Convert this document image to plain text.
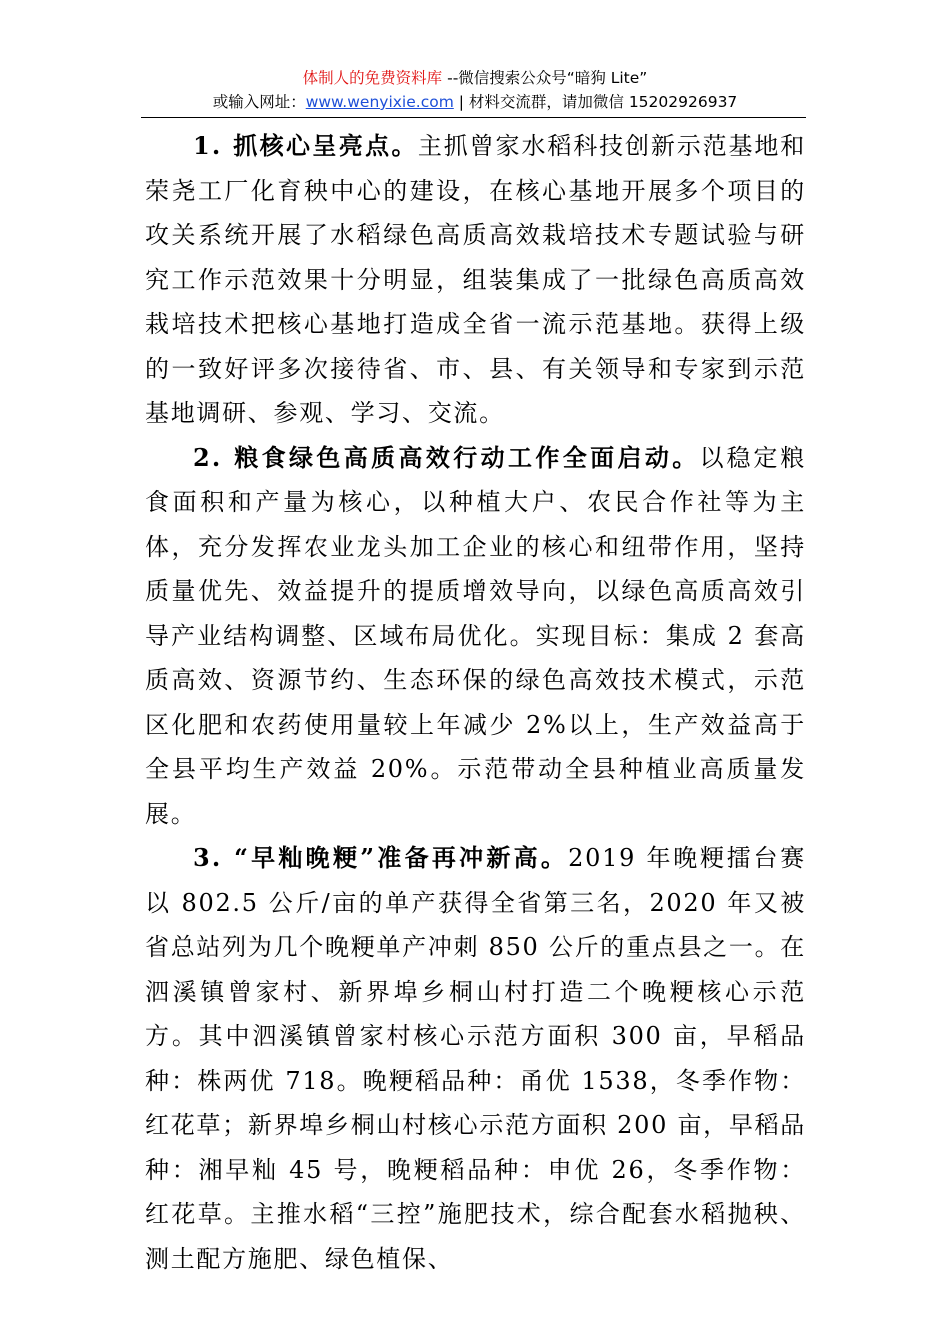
体制人的免费资料库 --微信搜索公众号“暗狗 Lite”
或输入网址：www.wenyixie.com | 材料交流群，请加微信 15202926937

1. 抓核心呈亮点。主抓曾家水稻科技创新示范基地和荣尧工厂化育秧中心的建设，在核心基地开展多个项目的攻关系统开展了水稻绿色高质高效栽培技术专题试验与研究工作示范效果十分明显，组装集成了一批绿色高质高效栽培技术把核心基地打造成全省一流示范基地。获得上级的一致好评多次接待省、市、县、有关领导和专家到示范基地调研、参观、学习、交流。

2. 粮食绿色高质高效行动工作全面启动。以稳定粮食面积和产量为核心，以种植大户、农民合作社等为主体，充分发挥农业龙头加工企业的核心和纽带作用，坚持质量优先、效益提升的提质增效导向，以绿色高质高效引导产业结构调整、区域布局优化。实现目标：集成 2 套高质高效、资源节约、生态环保的绿色高效技术模式，示范区化肥和农药使用量较上年减少 2%以上，生产效益高于全县平均生产效益 20%。示范带动全县种植业高质量发展。

3. “早籼晚粳”准备再冲新高。2019 年晚粳擂台赛以 802.5 公斤/亩的单产获得全省第三名，2020 年又被省总站列为几个晚粳单产冲刺 850 公斤的重点县之一。在泗溪镇曾家村、新界埠乡桐山村打造二个晚粳核心示范方。其中泗溪镇曾家村核心示范方面积 300 亩，早稻品种：株两优 718。晚粳稻品种：甬优 1538，冬季作物：红花草；新界埠乡桐山村核心示范方面积 200 亩，早稻品种：湘早籼 45 号，晚粳稻品种：申优 26，冬季作物：红花草。主推水稻“三控”施肥技术，综合配套水稻抛秧、测土配方施肥、绿色植保、
